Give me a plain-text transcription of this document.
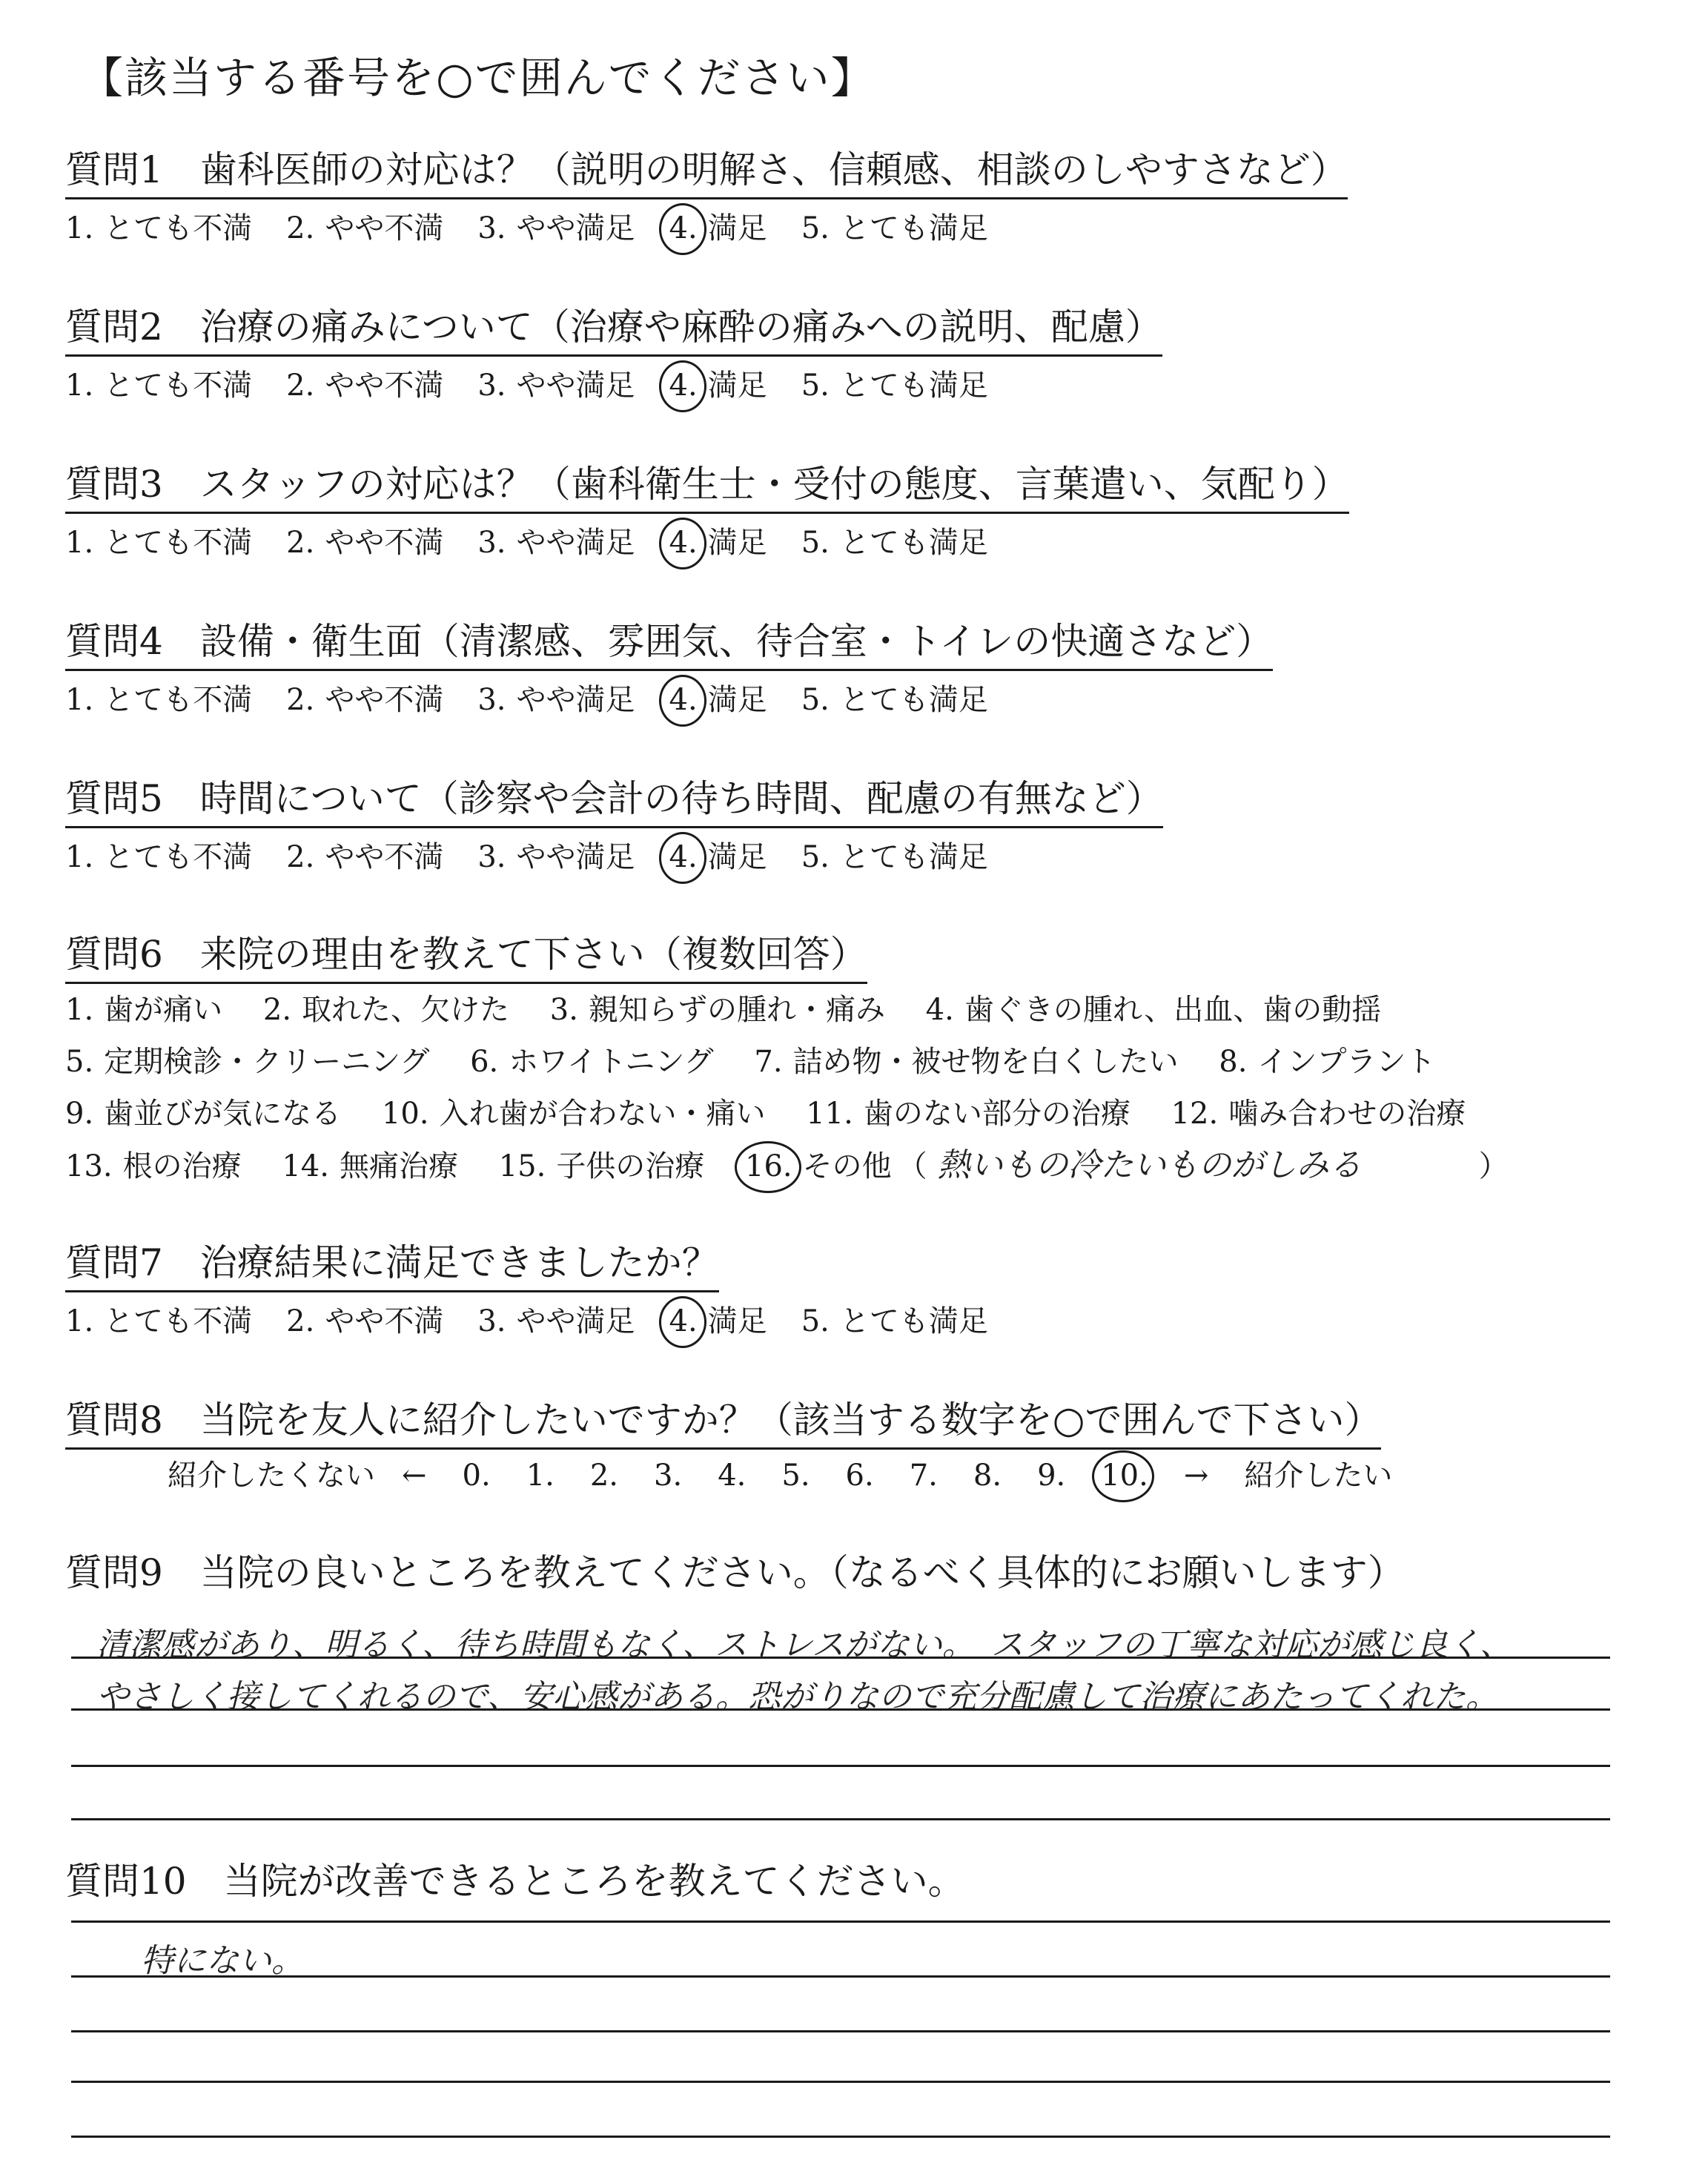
【該当する番号を○で囲んでください】
質問1　歯科医師の対応は？（説明の明解さ、信頼感、相談のしやすさなど）
1. とても不満 2. やや不満 3. やや満足 4. 満足 5. とても満足
質問2　治療の痛みについて（治療や麻酔の痛みへの説明、配慮）
1. とても不満 2. やや不満 3. やや満足 4. 満足 5. とても満足
質問3　スタッフの対応は？（歯科衛生士・受付の態度、言葉遣い、気配り）
1. とても不満 2. やや不満 3. やや満足 4. 満足 5. とても満足
質問4　設備・衛生面（清潔感、雰囲気、待合室・トイレの快適さなど）
1. とても不満 2. やや不満 3. やや満足 4. 満足 5. とても満足
質問5　時間について（診察や会計の待ち時間、配慮の有無など）
1. とても不満 2. やや不満 3. やや満足 4. 満足 5. とても満足
質問6　来院の理由を教えて下さい（複数回答）
1. 歯が痛い 2. 取れた、欠けた 3. 親知らずの腫れ・痛み 4. 歯ぐきの腫れ、出血、歯の動揺
5. 定期検診・クリーニング 6. ホワイトニング 7. 詰め物・被せ物を白くしたい 8. インプラント
9. 歯並びが気になる 10. 入れ歯が合わない・痛い 11. 歯のない部分の治療 12. 噛み合わせの治療
13. 根の治療 14. 無痛治療 15. 子供の治療 16. その他 （ 熱いもの冷たいものがしみる	）
質問7　治療結果に満足できましたか？
1. とても不満 2. やや不満 3. やや満足 4. 満足 5. とても満足
質問8　当院を友人に紹介したいですか？（該当する数字を○で囲んで下さい）
紹介したくない ← 0. 1. 2. 3. 4. 5. 6. 7. 8. 9. 10. → 紹介したい
質問9　当院の良いところを教えてください。（なるべく具体的にお願いします）
清潔感があり、明るく、待ち時間もなく、ストレスがない。　スタッフの丁寧な対応が感じ良く、
やさしく接してくれるので、安心感がある。恐がりなので充分配慮して治療にあたってくれた。
質問10　当院が改善できるところを教えてください。
特にない。
